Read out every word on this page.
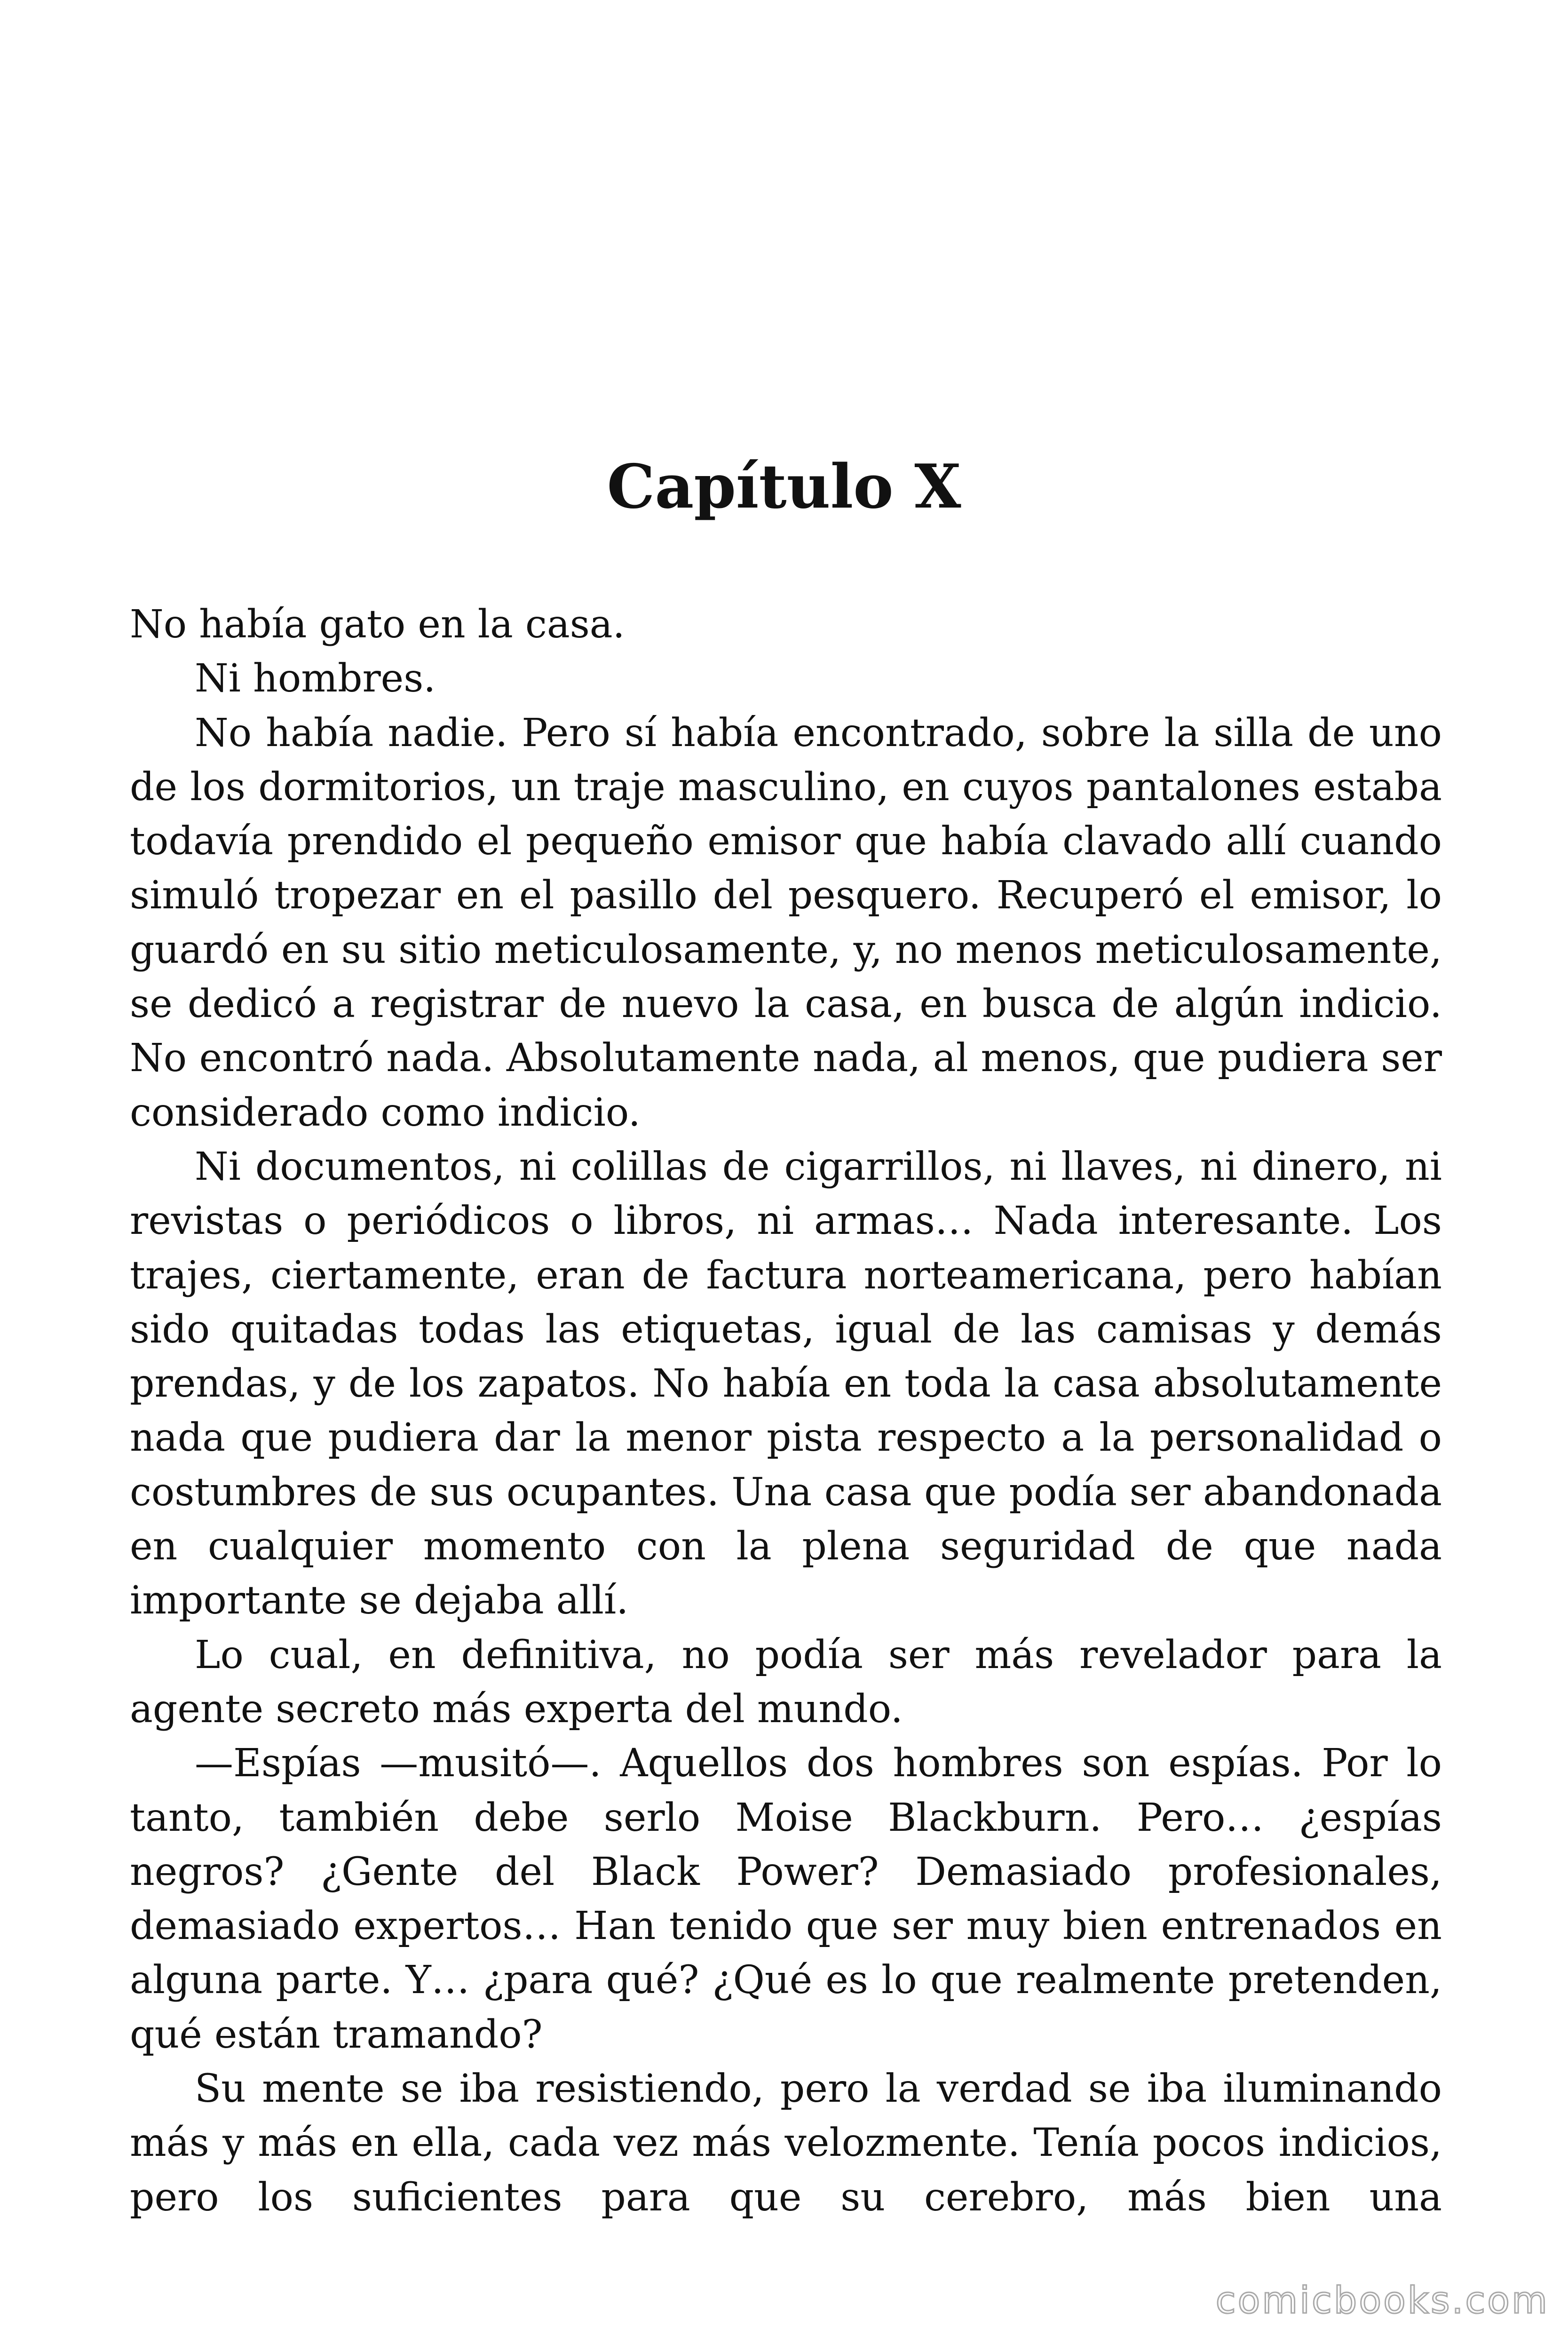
Capítulo X

No había gato en la casa.

Ni hombres.

No había nadie. Pero sí había encontrado, sobre la silla de uno de los dormitorios, un traje masculino, en cuyos pantalones estaba todavía prendido el pequeño emisor que había clavado allí cuando simuló tropezar en el pasillo del pesquero. Recuperó el emisor, lo guardó en su sitio meticulosamente, y, no menos meticulosamente, se dedicó a registrar de nuevo la casa, en busca de algún indicio. No encontró nada. Absolutamente nada, al menos, que pudiera ser considerado como indicio.

Ni documentos, ni colillas de cigarrillos, ni llaves, ni dinero, ni revistas o periódicos o libros, ni armas… Nada interesante. Los trajes, ciertamente, eran de factura norteamericana, pero habían sido quitadas todas las etiquetas, igual de las camisas y demás prendas, y de los zapatos. No había en toda la casa absolutamente nada que pudiera dar la menor pista respecto a la personalidad o costumbres de sus ocupantes. Una casa que podía ser abandonada en cualquier momento con la plena seguridad de que nada importante se dejaba allí.

Lo cual, en definitiva, no podía ser más revelador para la agente secreto más experta del mundo.

—Espías —musitó—. Aquellos dos hombres son espías. Por lo tanto, también debe serlo Moise Blackburn. Pero… ¿espías negros? ¿Gente del Black Power? Demasiado profesionales, demasiado expertos… Han tenido que ser muy bien entrenados en alguna parte. Y… ¿para qué? ¿Qué es lo que realmente pretenden, qué están tramando?

Su mente se iba resistiendo, pero la verdad se iba iluminando más y más en ella, cada vez más velozmente. Tenía pocos indicios, pero los suficientes para que su cerebro, más bien una

comicbooks.com
